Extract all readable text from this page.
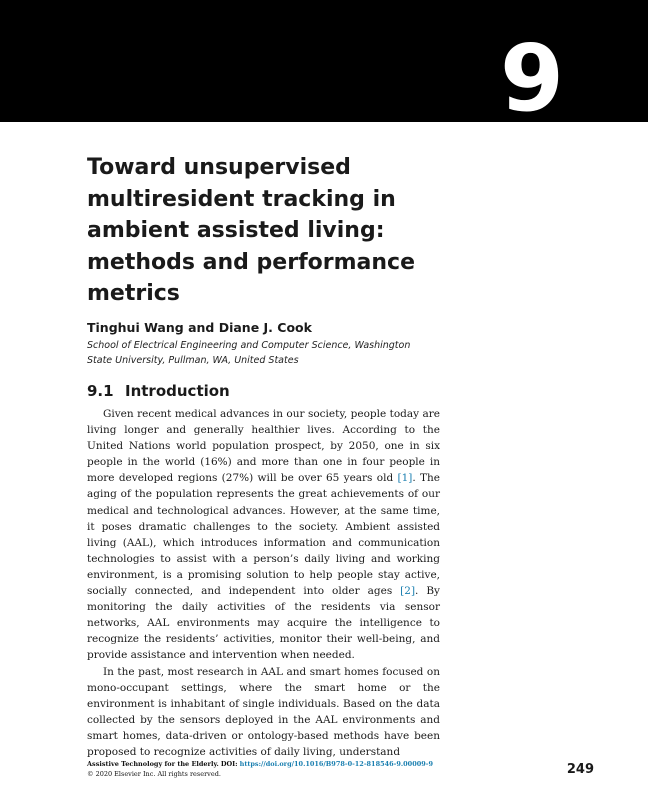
9
Toward unsupervised multiresident tracking in ambient assisted living: methods and performance metrics

Tinghui Wang and Diane J. Cook

School of Electrical Engineering and Computer Science, Washington State University, Pullman, WA, United States

9.1 Introduction

Given recent medical advances in our society, people today are living longer and generally healthier lives. According to the United Nations world population prospect, by 2050, one in six people in the world (16%) and more than one in four people in more developed regions (27%) will be over 65 years old [1]. The aging of the population represents the great achievements of our medical and technological advances. However, at the same time, it poses dramatic challenges to the society. Ambient assisted living (AAL), which introduces information and communication technologies to assist with a person’s daily living and working environment, is a promising solution to help people stay active, socially connected, and independent into older ages [2]. By monitoring the daily activities of the residents via sensor networks, AAL environments may acquire the intelligence to recognize the residents’ activities, monitor their well-being, and provide assistance and intervention when needed.

In the past, most research in AAL and smart homes focused on mono-occupant settings, where the smart home or the environment is inhabitant of single individuals. Based on the data collected by the sensors deployed in the AAL environments and smart homes, data-driven or ontology-based methods have been proposed to recognize activities of daily living, understand

Assistive Technology for the Elderly. DOI: https://doi.org/10.1016/B978-0-12-818546-9.00009-9
© 2020 Elsevier Inc. All rights reserved.	249
